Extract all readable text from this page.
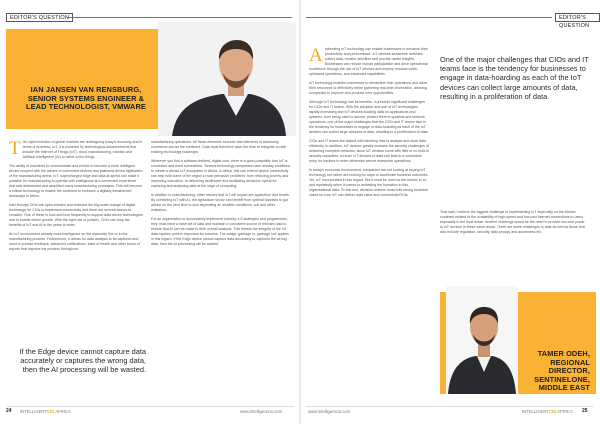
EDITOR'S QUESTION	EDITOR'S QUESTION
IAN JANSEN VAN RENSBURG, SENIOR SYSTEMS ENGINEER & LEAD TECHNOLOGIST, VMWARE

The rapid evolution of global markets are redesigning today's economy and in terms of business, IoT, it is powered by technological advancements that include the Internet of Things (IoT), cloud manufacturing, robotics and Artificial Intelligence (AI) to name a few things.

The ability of machines to communicate and evolve to become a more intelligent device coupled with the advent of connected devices and platforms drives digitisation of the manufacturing arena. IoT, supercharged edge and data at speed can make it possible for manufacturing to operate with intelligence at a connected experience that was determined and simplified many manufacturing processes. This will become a critical technology to enable the continent to embrace a digitally transformed landscape in Africa.

Intel through CIOs are open-minded and embrace the big-scale change of digital technology for CIOs to implement connectivity and there are several factors to consider. One of these is how and how frequently to support data driven technologies and to enable driven growth. With the right mix of policies, CIOs can reap the benefits of IoT and AI in the years to enter.

An IoT environment already more intelligence on the assembly line or in the manufacturing process. Furthermore, it allows for data analysis to be captured and used to provide feedback, advanced notifications, state of health and other forms of reports that improve the process throughout.

manufacturing operations. All these elements become vital elements in accessing commerce across the continent. Data must therefore have the time to integrate on site existing technology roadmaps.

Wherever you find a software-defined, digital core, there is a good possibility that IoT is connected and used somewhere. Several technology companies have already mobilised to create a vibrant IoT ecosystem in Africa. In Africa, this can extend device connectivity can help with some of the region's most pervasive problems: from reducing poverty and improving education, to delivering healthcare and facilitating decisions hybrid for capturing and analysing data at the edge of computing.

In addition to manufacturing, other sectors that IoT will impact are agriculture and health. By combining IoT with AI, the agriculture sector can benefit from optimal harvests to gut advice on the best time to sow depending on weather conditions, soil and other indicators.

For an organisation to successfully implement Industry 4.0 strategies and programmes, they must have a base set of data and maintain a consistent source of relevant data to ensure that AI can be made to their overall analysis. This means the integrity of the IoT data capture point is important for success. The adage 'garbage in, garbage out' applies in this regard. If the Edge device cannot capture data accurately or captures the wrong data, then the AI processing will be wasted.

If the Edge device cannot capture data accurately or captures the wrong data, then the AI processing will be wasted.

Addressing IoT technology can enable businesses to enhance their productivity and performance. IoT devices streamline activities, collect data, monitor activities and provide useful insights. Businesses can reduce human participation and drive operational excellence through the use of IoT devices and employ reduced costs, optimised operations, and enhanced capabilities.

IoT technology enables businesses to streamline their operations and allow their resources to effectively refine gathering real-time information, allowing companies to improve and produce new opportunities.

Although IoT technology has its benefits, it presents significant challenges for CIOs and IT teams. With the adoption and use of IoT technologies rapidly increasing and IoT devices flooding data on applications and systems, from being used to secure, protect them in systems and network operations, one of the major challenges that the CIOs and IT teams face is the tendency for businesses to engage in data-hoarding as each of the IoT devices can collect large amounts of data, resulting in a proliferation of data.

CIOs and IT teams are tasked with deciding how to analyse and store data efficiently. In addition, IoT devices greatly increase the security challenges of delivering complete networks, since IoT devices come with little or no built-in security capacities, so such IoT devices of data can lead to a vulnerable entry for hackers to enter otherwise secure enterprise operations.

In today's economic environment, companies are not looking at buying IoT technology but rather are looking for ways to accelerate business outcomes. Yet, IoT incorporated in this regard. But it must be used as the means to so and repeatedly when it comes to activating the formation in this organisational data. To this end, decision-makers must hold strong business cases for how IoT can deliver data value and commercial ROIs.

One of the major challenges that CIOs and IT teams face is the tendency for businesses to engage in data-hoarding as each of the IoT devices can collect large amounts of data, resulting in a proliferation of data.

That said, I believe the biggest challenge to implementing IoT especially on the African continent related to the availability of high-speed and low-cost internet connections to users especially in the rural areas. Another challenge would be the need to provide low-cost power to IoT devices in these same areas. There are some challenges to date as well as those that also include regulation, security, data privacy and awareness etc.

TAMER ODEH, REGIONAL DIRECTOR, SENTINELONE, MIDDLE EAST
24 INTELLIGENTCIO AFRICA	www.intelligentcio.com	www.intelligentcio.com	INTELLIGENTCIO AFRICA 25
